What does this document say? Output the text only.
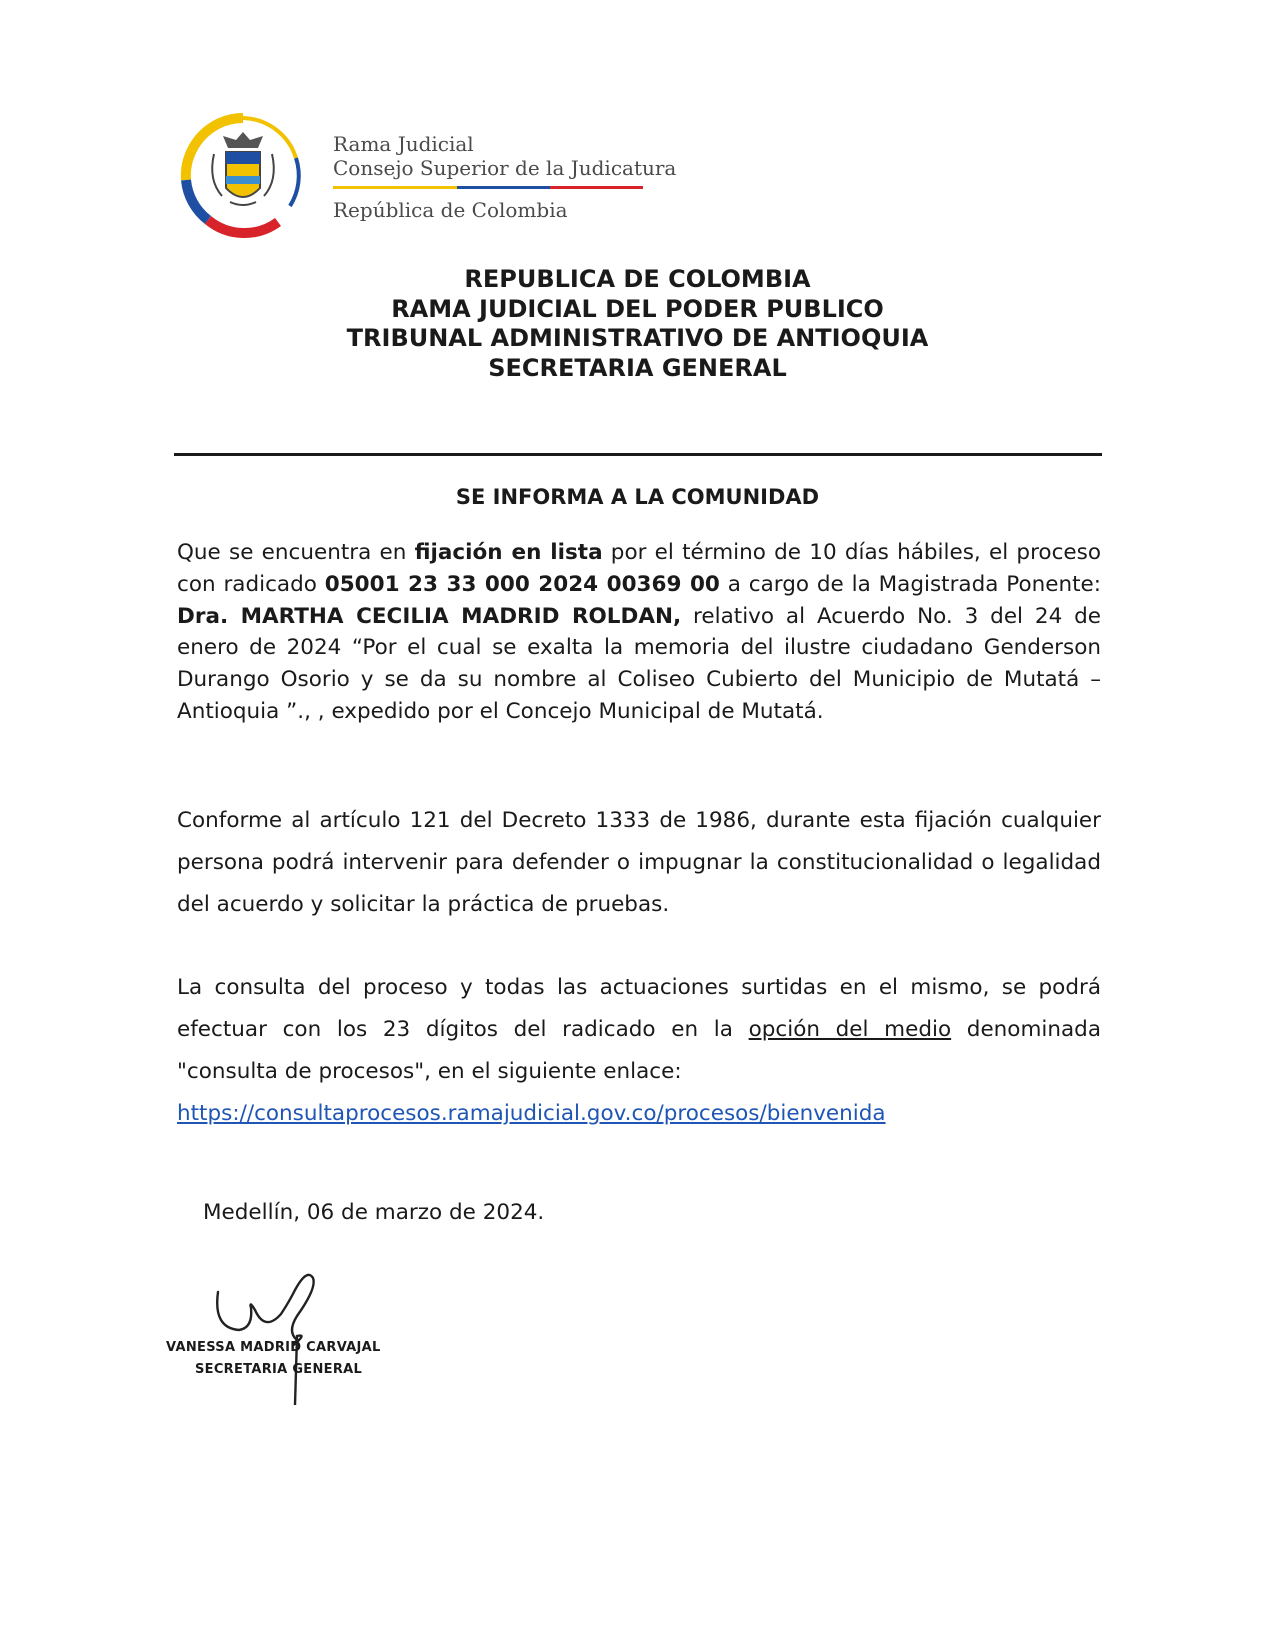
Rama Judicial
Consejo Superior de la Judicatura
República de Colombia
REPUBLICA DE COLOMBIA
RAMA JUDICIAL DEL PODER PUBLICO
TRIBUNAL ADMINISTRATIVO DE ANTIOQUIA
SECRETARIA GENERAL
SE INFORMA A LA COMUNIDAD
Que se encuentra en fijación en lista por el término de 10 días hábiles, el proceso con radicado 05001 23 33 000 2024 00369 00 a cargo de la Magistrada Ponente: Dra. MARTHA CECILIA MADRID ROLDAN, relativo al Acuerdo No. 3 del 24 de enero de 2024 “Por el cual se exalta la memoria del ilustre ciudadano Genderson Durango Osorio y se da su nombre al Coliseo Cubierto del Municipio de Mutatá – Antioquia ”., , expedido por el Concejo Municipal de Mutatá.
Conforme al artículo 121 del Decreto 1333 de 1986, durante esta fijación cualquier persona podrá intervenir para defender o impugnar la constitucionalidad o legalidad del acuerdo y solicitar la práctica de pruebas.
La consulta del proceso y todas las actuaciones surtidas en el mismo, se podrá efectuar con los 23 dígitos del radicado en la opción del medio denominada "consulta de procesos", en el siguiente enlace:
https://consultaprocesos.ramajudicial.gov.co/procesos/bienvenida
Medellín, 06 de marzo de 2024.
VANESSA MADRID CARVAJAL
SECRETARIA GENERAL
